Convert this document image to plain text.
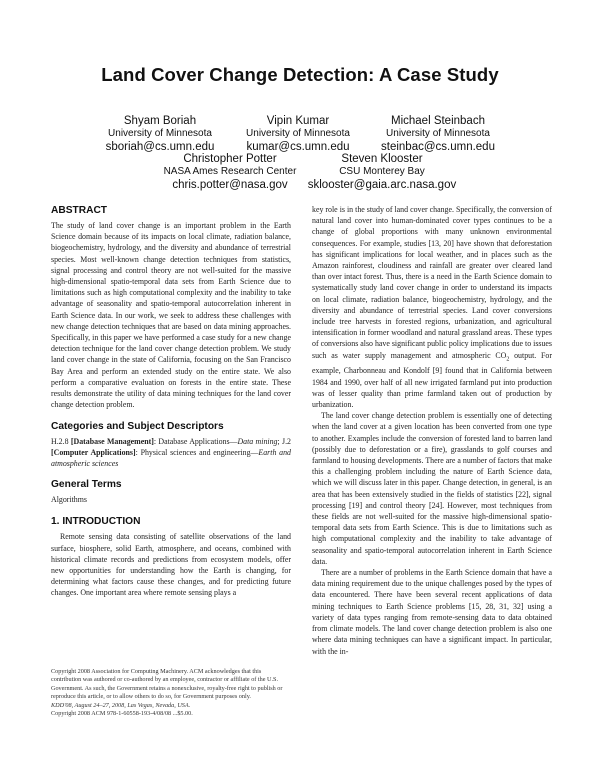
Land Cover Change Detection: A Case Study
Shyam Boriah
University of Minnesota
sboriah@cs.umn.edu
Vipin Kumar
University of Minnesota
kumar@cs.umn.edu
Michael Steinbach
University of Minnesota
steinbac@cs.umn.edu
Christopher Potter
NASA Ames Research Center
chris.potter@nasa.gov
Steven Klooster
CSU Monterey Bay
sklooster@gaia.arc.nasa.gov
ABSTRACT

The study of land cover change is an important problem in the Earth Science domain because of its impacts on local climate, radiation balance, biogeochemistry, hydrology, and the diversity and abundance of terrestrial species. Most well-known change detection techniques from statistics, signal processing and control theory are not well-suited for the massive high-dimensional spatio-temporal data sets from Earth Science due to limitations such as high computational complexity and the inability to take advantage of seasonality and spatio-temporal autocorrelation inherent in Earth Science data. In our work, we seek to address these challenges with new change detection techniques that are based on data mining approaches. Specifically, in this paper we have performed a case study for a new change detection technique for the land cover change detection problem. We study land cover change in the state of California, focusing on the San Francisco Bay Area and perform an extended study on the entire state. We also perform a comparative evaluation on forests in the entire state. These results demonstrate the utility of data mining techniques for the land cover change detection problem.

Categories and Subject Descriptors

H.2.8 [Database Management]: Database Applications—Data mining; J.2 [Computer Applications]: Physical sciences and engineering—Earth and atmospheric sciences

General Terms

Algorithms

1. INTRODUCTION

Remote sensing data consisting of satellite observations of the land surface, biosphere, solid Earth, atmosphere, and oceans, combined with historical climate records and predictions from ecosystem models, offer new opportunities for understanding how the Earth is changing, for determining what factors cause these changes, and for predicting future changes. One important area where remote sensing plays a

Copyright 2008 Association for Computing Machinery. ACM acknowledges that this contribution was authored or co-authored by an employee, contractor or affiliate of the U.S. Government. As such, the Government retains a nonexclusive, royalty-free right to publish or reproduce this article, or to allow others to do so, for Government purposes only.

KDD'08, August 24–27, 2008, Las Vegas, Nevada, USA.

Copyright 2008 ACM 978-1-60558-193-4/08/08 ...$5.00.

key role is in the study of land cover change. Specifically, the conversion of natural land cover into human-dominated cover types continues to be a change of global proportions with many unknown environmental consequences. For example, studies [13, 20] have shown that deforestation has significant implications for local weather, and in places such as the Amazon rainforest, cloudiness and rainfall are greater over cleared land than over intact forest. Thus, there is a need in the Earth Science domain to systematically study land cover change in order to understand its impacts on local climate, radiation balance, biogeochemistry, hydrology, and the diversity and abundance of terrestrial species. Land cover conversions include tree harvests in forested regions, urbanization, and agricultural intensification in former woodland and natural grassland areas. These types of conversions also have significant public policy implications due to issues such as water supply management and atmospheric $CO_2$ output. For example, Charbonneau and Kondolf [9] found that in California between 1984 and 1990, over half of all new irrigated farmland put into production was of lesser quality than prime farmland taken out of production by urbanization.

The land cover change detection problem is essentially one of detecting when the land cover at a given location has been converted from one type to another. Examples include the conversion of forested land to barren land (possibly due to deforestation or a fire), grasslands to golf courses and farmland to housing developments. There are a number of factors that make this a challenging problem including the nature of Earth Science data, which we will discuss later in this paper. Change detection, in general, is an area that has been extensively studied in the fields of statistics [22], signal processing [19] and control theory [24]. However, most techniques from these fields are not well-suited for the massive high-dimensional spatio-temporal data sets from Earth Science. This is due to limitations such as high computational complexity and the inability to take advantage of seasonality and spatio-temporal autocorrelation inherent in Earth Science data.

There are a number of problems in the Earth Science domain that have a data mining requirement due to the unique challenges posed by the types of data encountered. There have been several recent applications of data mining techniques to Earth Science problems [15, 28, 31, 32] using a variety of data types ranging from remote-sensing data to data obtained from climate models. The land cover change detection problem is also one where data mining techniques can have a significant impact. In particular, with the in-
